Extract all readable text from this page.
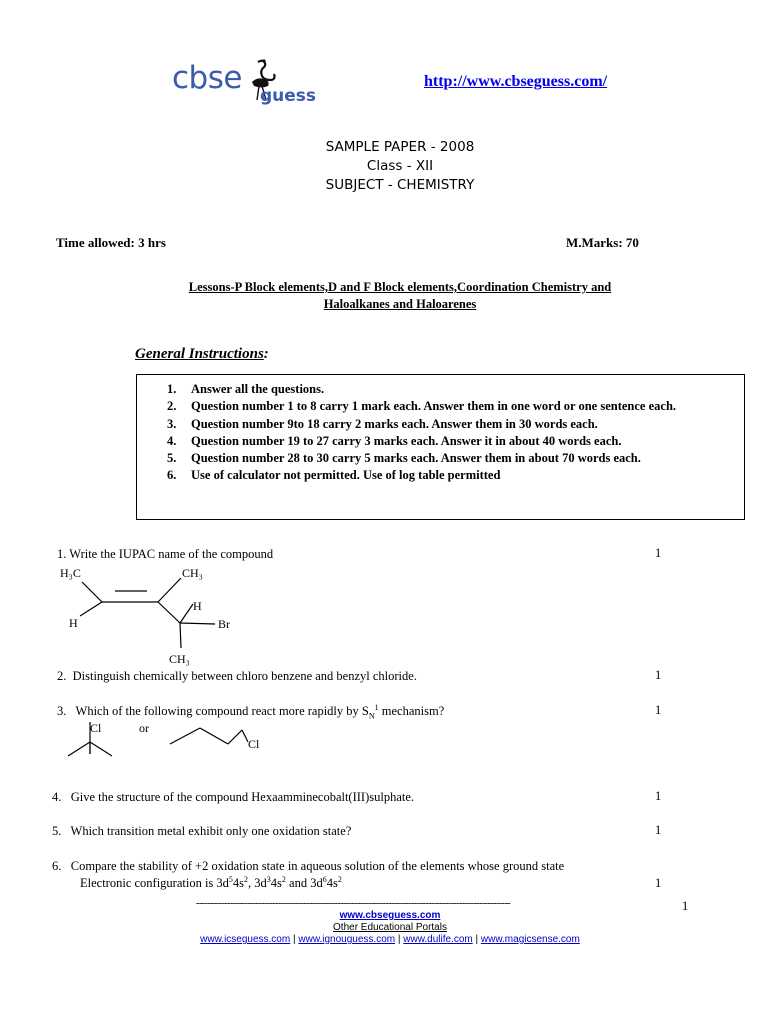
cbse guess
http://www.cbseguess.com/
SAMPLE PAPER - 2008
Class - XII
SUBJECT - CHEMISTRY
Time allowed: 3 hrs	M.Marks: 70
Lessons-P Block elements,D and F Block elements,Coordination Chemistry and
Haloalkanes and Haloarenes
General Instructions:
1.	Answer all the questions.
2.	Question number 1 to 8 carry 1 mark each. Answer them in one word or one sentence each.
3.	Question number 9to 18 carry 2 marks each. Answer them in 30 words each.
4.	Question number 19 to 27 carry 3 marks each. Answer it in about 40 words each.
5.	Question number 28 to 30 carry 5 marks each. Answer them in about 70 words each.
6.	Use of calculator not permitted. Use of log table permitted
1. Write the IUPAC name of the compound	1
H₃C	CH₃
H
H
Br
CH₃
2. Distinguish chemically between chloro benzene and benzyl chloride.	1
3. Which of the following compound react more rapidly by $S_N^1$ mechanism?	1
Cl	or
Cl
4. Give the structure of the compound Hexaamminecobalt(III)sulphate.	1
5. Which transition metal exhibit only one oxidation state?	1
6. Compare the stability of +2 oxidation state in aqueous solution of the elements whose ground state
Electronic configuration is $3d^54s^2$, $3d^34s^2$ and $3d^64s^2$	1
---------------------------------------------------------------------------------------------------------------	1
www.cbseguess.com
Other Educational Portals
www.icseguess.com | www.ignouguess.com | www.dulife.com | www.magicsense.com
